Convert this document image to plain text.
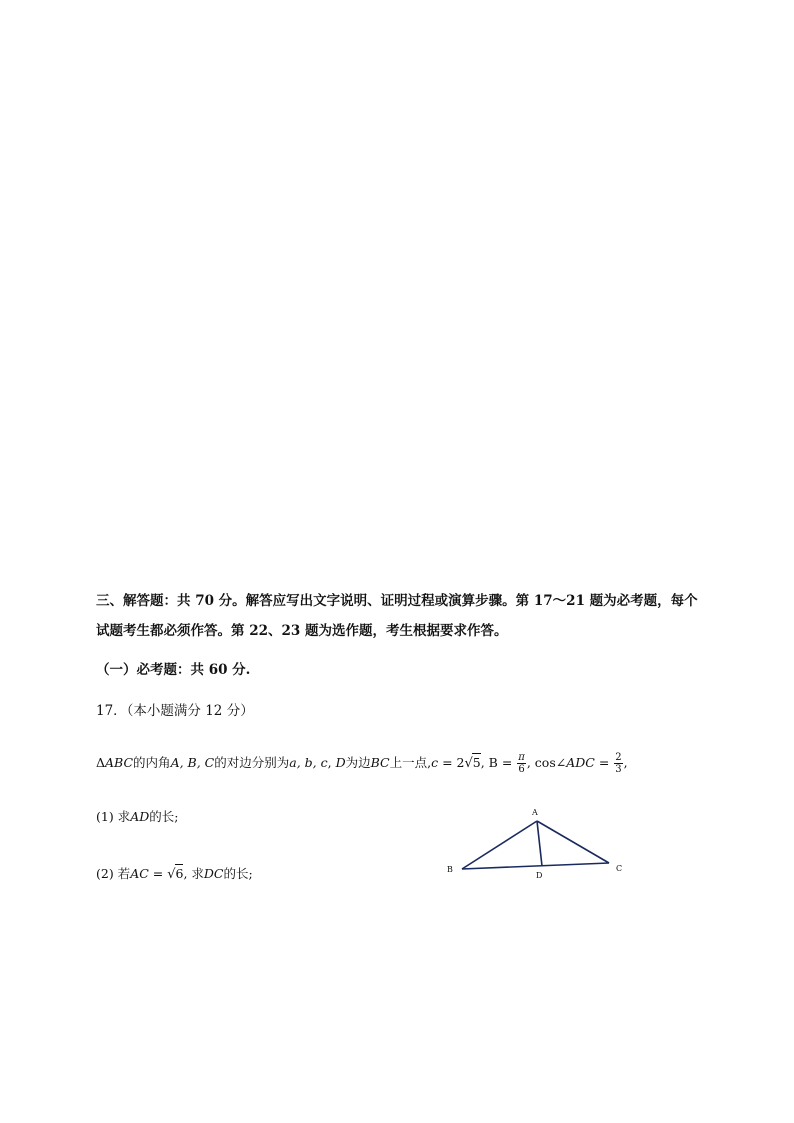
三、解答题：共 70 分。解答应写出文字说明、证明过程或演算步骤。第 17～21 题为必考题，每个
试题考生都必须作答。第 22、23 题为选作题，考生根据要求作答。
（一）必考题：共 60 分.
17．（本小题满分 12 分）
ΔABC的内角A, B, C的对边分别为a, b, c, D为边BC上一点,c = 2√5, $B = \frac{\pi}{6}$ , cos∠ADC = $\frac{2}{3}$ ,
(1) 求AD的长;
(2) 若AC = √6, 求DC的长;
A
B	C
D
